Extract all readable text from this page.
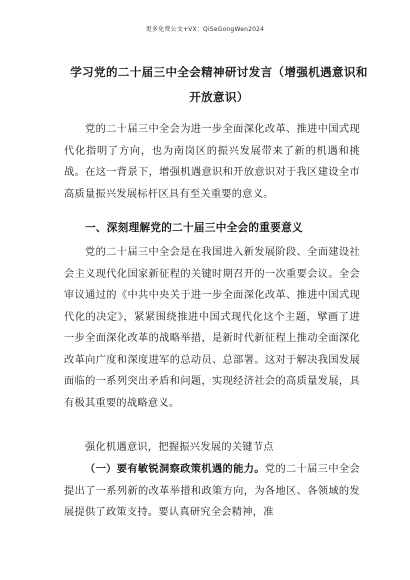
更多免费公文+VX：QiSeGongWen2024
学习党的二十届三中全会精神研讨发言（增强机遇意识和开放意识）

党的二十届三中全会为进一步全面深化改革、推进中国式现代化指明了方向，也为南岗区的振兴发展带来了新的机遇和挑战。在这一背景下，增强机遇意识和开放意识对于我区建设全市高质量振兴发展标杆区具有至关重要的意义。

一、深刻理解党的二十届三中全会的重要意义

党的二十届三中全会是在我国进入新发展阶段、全面建设社会主义现代化国家新征程的关键时期召开的一次重要会议。全会审议通过的《中共中央关于进一步全面深化改革、推进中国式现代化的决定》，紧紧围绕推进中国式现代化这个主题，擘画了进一步全面深化改革的战略举措，是新时代新征程上推动全面深化改革向广度和深度进军的总动员、总部署。这对于解决我国发展面临的一系列突出矛盾和问题，实现经济社会的高质量发展，具有极其重要的战略意义。

强化机遇意识，把握振兴发展的关键节点

（一）要有敏锐洞察政策机遇的能力。党的二十届三中全会提出了一系列新的改革举措和政策方向，为各地区、各领域的发展提供了政策支持。要认真研究全会精神，准
